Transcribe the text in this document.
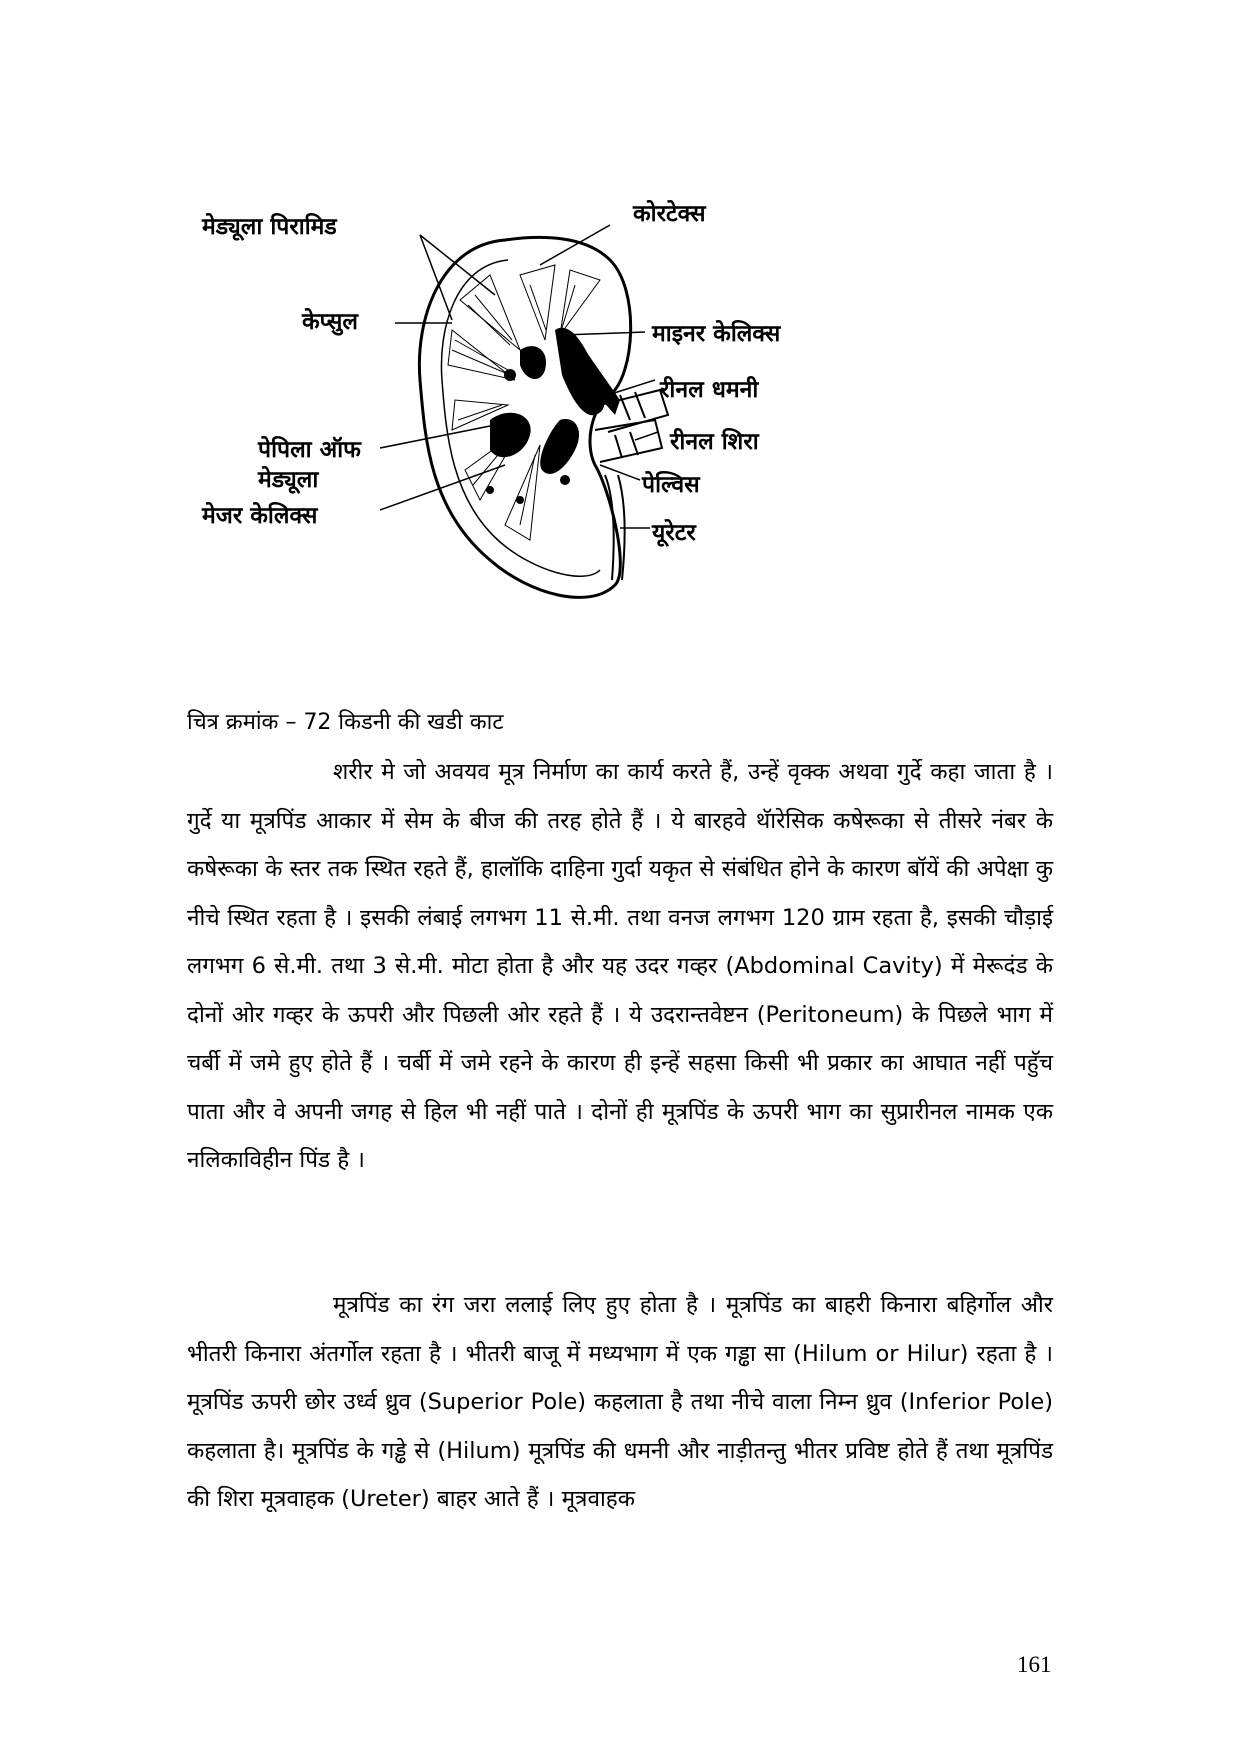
मेड्यूला पिरामिड	कोरटेक्स
केप्सुल	माइनर केलिक्स
रीनल धमनी
रीनल शिरा
पेपिला ऑफ
मेड्यूला
मेजर केलिक्स
पेल्विस
यूरेटर
चित्र क्रमांक – 72 किडनी की खडी काट

शरीर मे जो अवयव मूत्र निर्माण का कार्य करते हैं, उन्हें वृक्क अथवा गुर्दे कहा जाता है । गुर्दे या मूत्रपिंड आकार में सेम के बीज की तरह होते हैं । ये बारहवे थॅारेसिक कषेरूका से तीसरे नंबर के कषेरूका के स्तर तक स्थित रहते हैं, हालॉकि दाहिना गुर्दा यकृत से संबंधित होने के कारण बॉयें की अपेक्षा कु नीचे स्थित रहता है । इसकी लंबाई लगभग 11 से.मी. तथा वनज लगभग 120 ग्राम रहता है, इसकी चौड़ाई लगभग 6 से.मी. तथा 3 से.मी. मोटा होता है और यह उदर गव्हर (Abdominal Cavity) में मेरूदंड के दोनों ओर गव्हर के ऊपरी और पिछली ओर रहते हैं । ये उदरान्तवेष्टन (Peritoneum) के पिछले भाग में चर्बी में जमे हुए होते हैं । चर्बी में जमे रहने के कारण ही इन्हें सहसा किसी भी प्रकार का आघात नहीं पहुॅच पाता और वे अपनी जगह से हिल भी नहीं पाते । दोनों ही मूत्रपिंड के ऊपरी भाग का सुप्रारीनल नामक एक नलिकाविहीन पिंड है ।

मूत्रपिंड का रंग जरा ललाई लिए हुए होता है । मूत्रपिंड का बाहरी किनारा बहिर्गोल और भीतरी किनारा अंतर्गोल रहता है । भीतरी बाजू में मध्यभाग में एक गड्ढा सा (Hilum or Hilur) रहता है । मूत्रपिंड ऊपरी छोर उर्ध्व ध्रुव (Superior Pole) कहलाता है तथा नीचे वाला निम्न ध्रुव (Inferior Pole) कहलाता है। मूत्रपिंड के गड्ढे से (Hilum) मूत्रपिंड की धमनी और नाड़ीतन्तु भीतर प्रविष्ट होते हैं तथा मूत्रपिंड की शिरा मूत्रवाहक (Ureter) बाहर आते हैं । मूत्रवाहक

161
